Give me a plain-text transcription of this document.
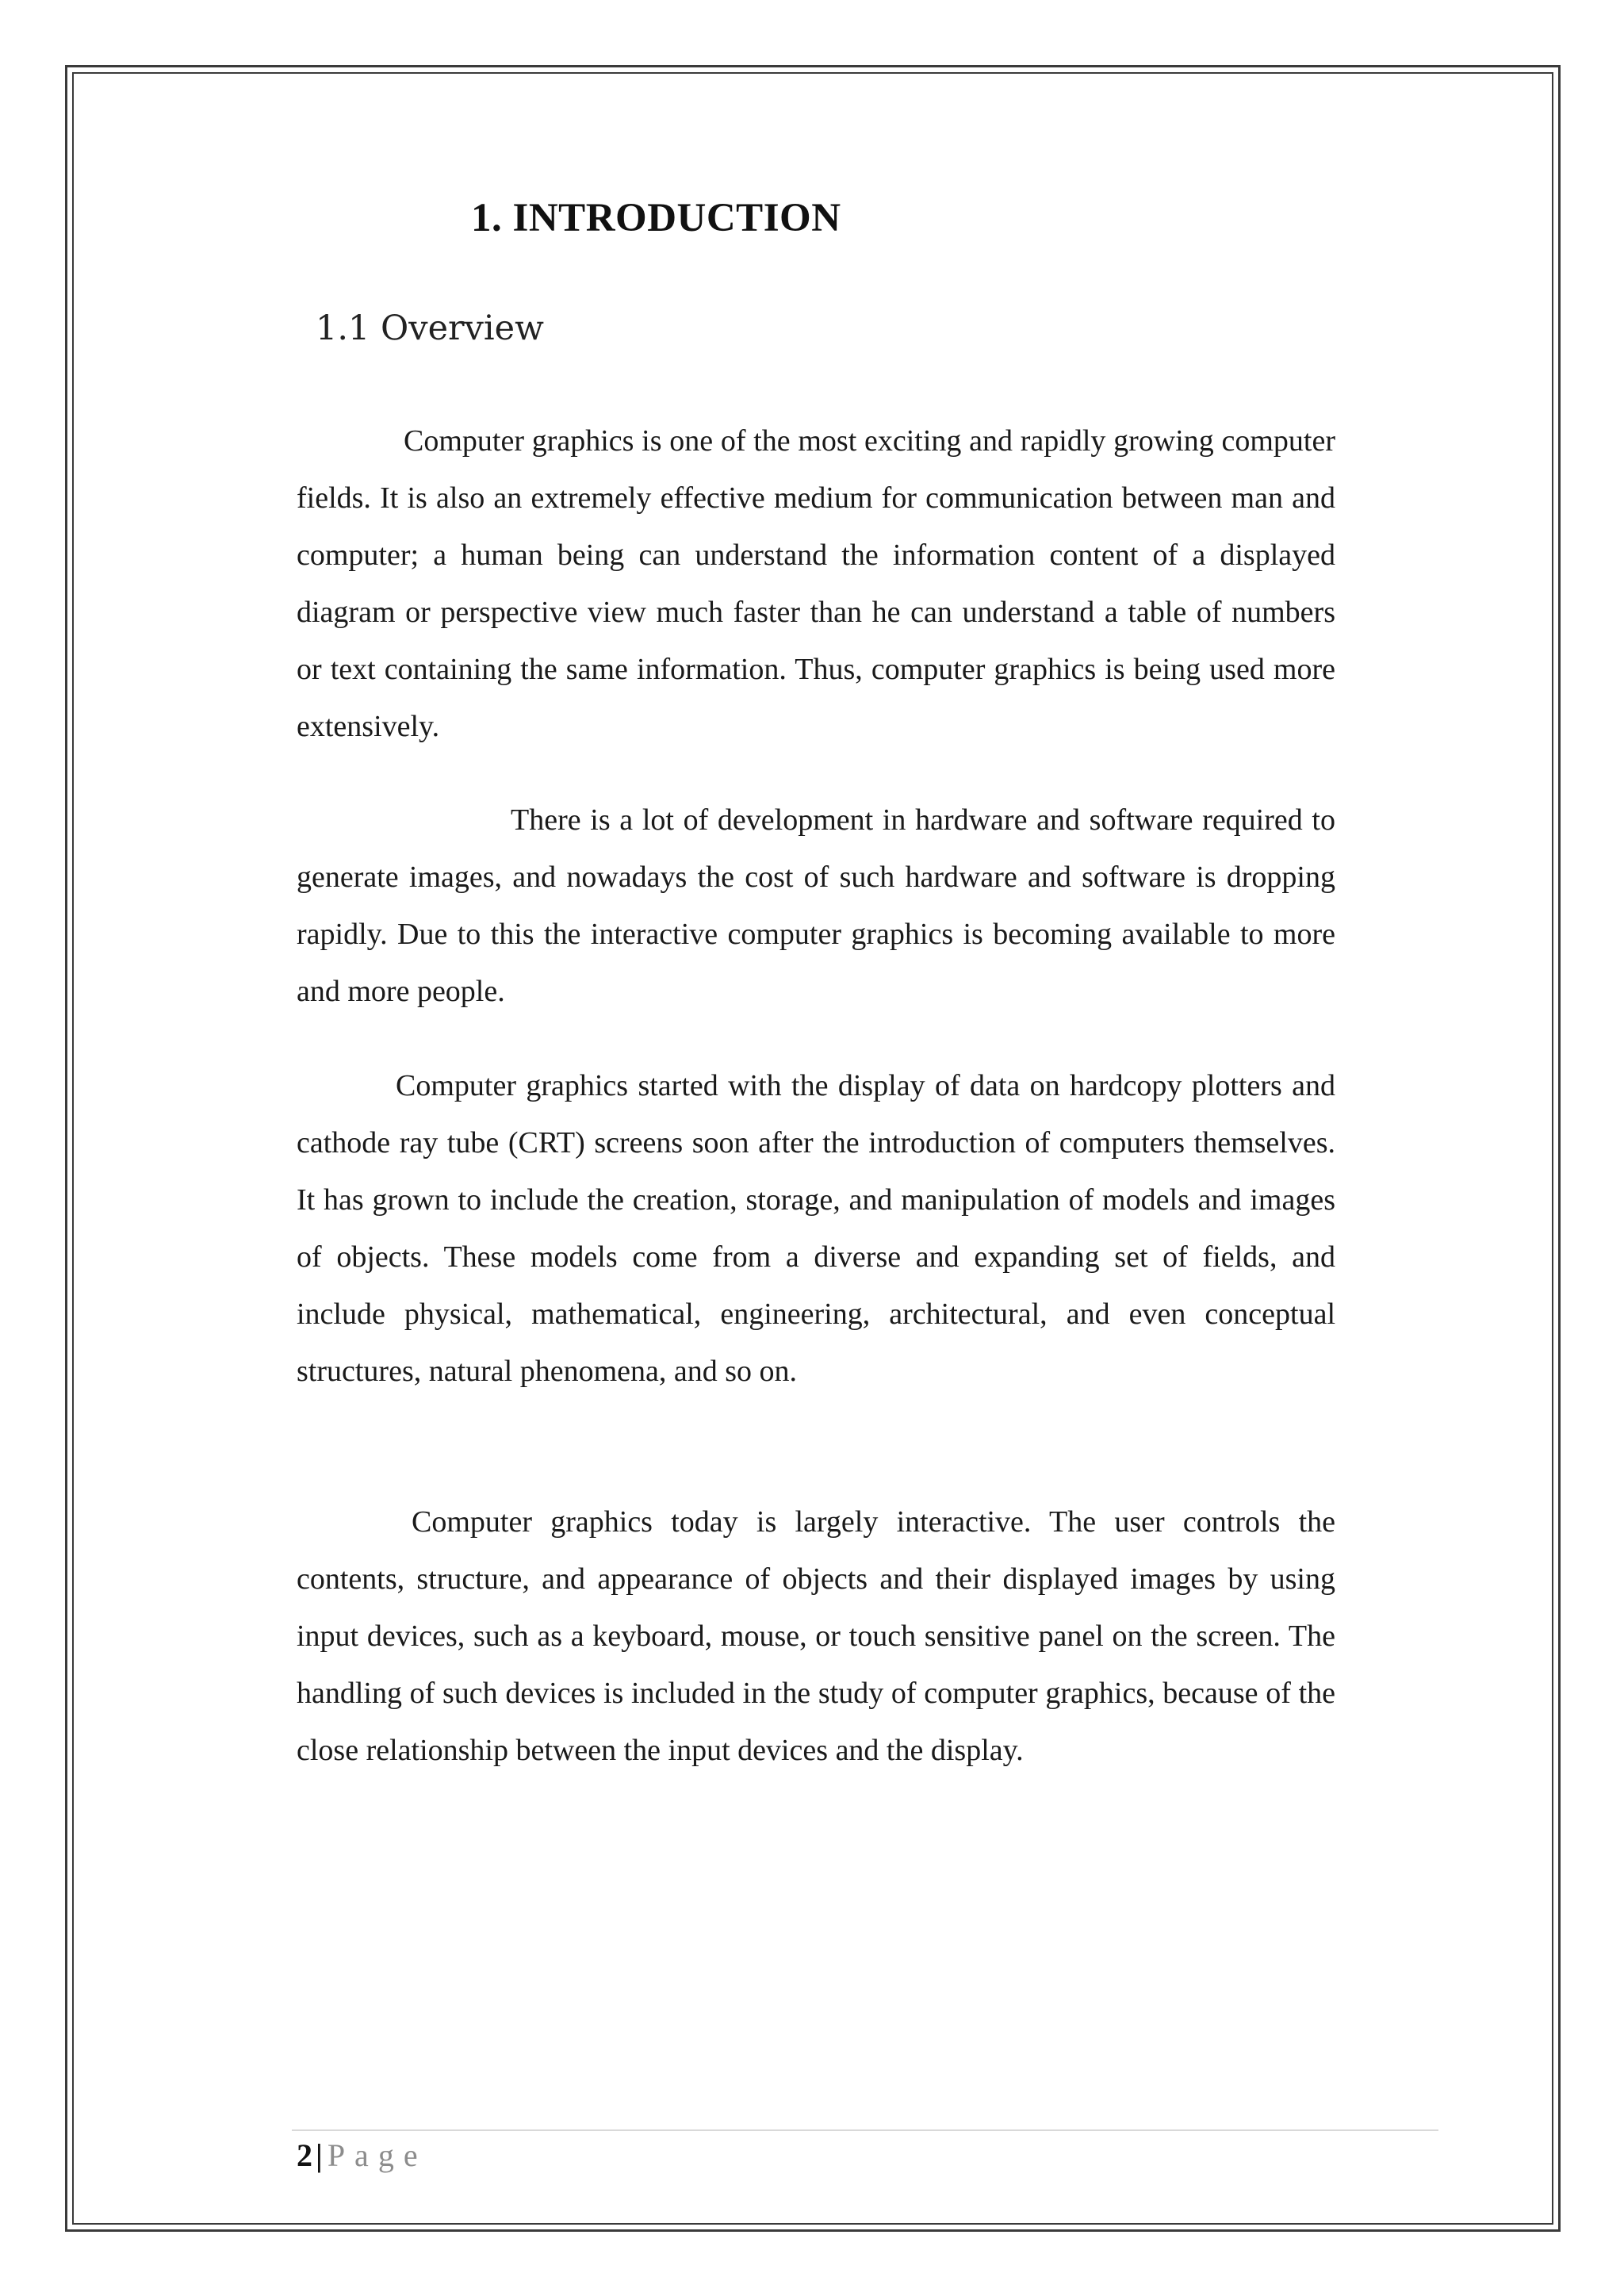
1. INTRODUCTION
1.1 Overview

Computer graphics is one of the most exciting and rapidly growing computer fields. It is also an extremely effective medium for communication between man and computer; a human being can understand the information content of a displayed diagram or perspective view much faster than he can understand a table of numbers or text containing the same information. Thus, computer graphics is being used more extensively.

There is a lot of development in hardware and software required to generate images, and nowadays the cost of such hardware and software is dropping rapidly. Due to this the interactive computer graphics is becoming available to more and more people.

Computer graphics started with the display of data on hardcopy plotters and cathode ray tube (CRT) screens soon after the introduction of computers themselves. It has grown to include the creation, storage, and manipulation of models and images of objects. These models come from a diverse and expanding set of fields, and include physical, mathematical, engineering, architectural, and even conceptual structures, natural phenomena, and so on.

Computer graphics today is largely interactive. The user controls the contents, structure, and appearance of objects and their displayed images by using input devices, such as a keyboard, mouse, or touch sensitive panel on the screen. The handling of such devices is included in the study of computer graphics, because of the close relationship between the input devices and the display.

2 | Page
